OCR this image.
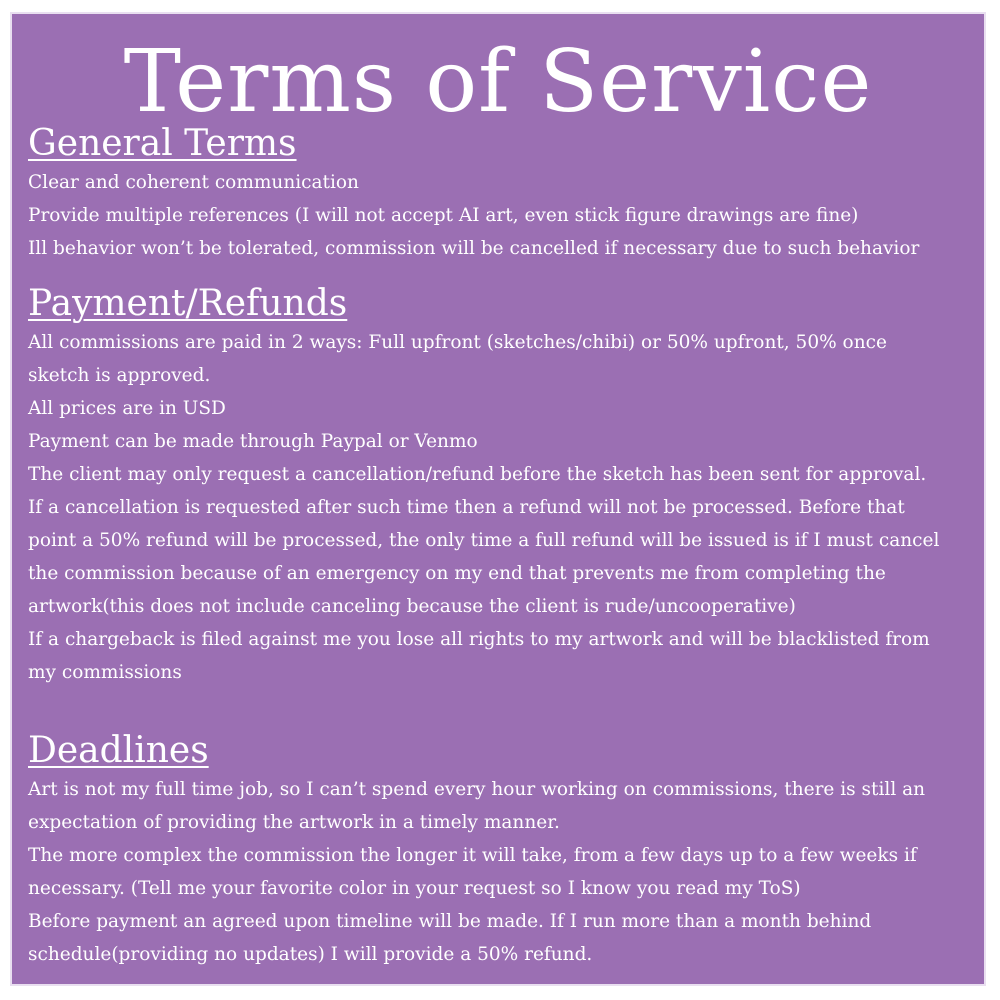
Terms of Service
General Terms

Clear and coherent communication

Provide multiple references (I will not accept AI art, even stick figure drawings are fine)

Ill behavior won’t be tolerated, commission will be cancelled if necessary due to such behavior

Payment/Refunds

All commissions are paid in 2 ways: Full upfront (sketches/chibi) or 50% upfront, 50% once

sketch is approved.

All prices are in USD

Payment can be made through Paypal or Venmo

The client may only request a cancellation/refund before the sketch has been sent for approval.

If a cancellation is requested after such time then a refund will not be processed. Before that

point a 50% refund will be processed, the only time a full refund will be issued is if I must cancel

the commission because of an emergency on my end that prevents me from completing the

artwork(this does not include canceling because the client is rude/uncooperative)

If a chargeback is filed against me you lose all rights to my artwork and will be blacklisted from

my commissions

Deadlines

Art is not my full time job, so I can’t spend every hour working on commissions, there is still an

expectation of providing the artwork in a timely manner.

The more complex the commission the longer it will take, from a few days up to a few weeks if

necessary. (Tell me your favorite color in your request so I know you read my ToS)

Before payment an agreed upon timeline will be made. If I run more than a month behind

schedule(providing no updates) I will provide a 50% refund.
